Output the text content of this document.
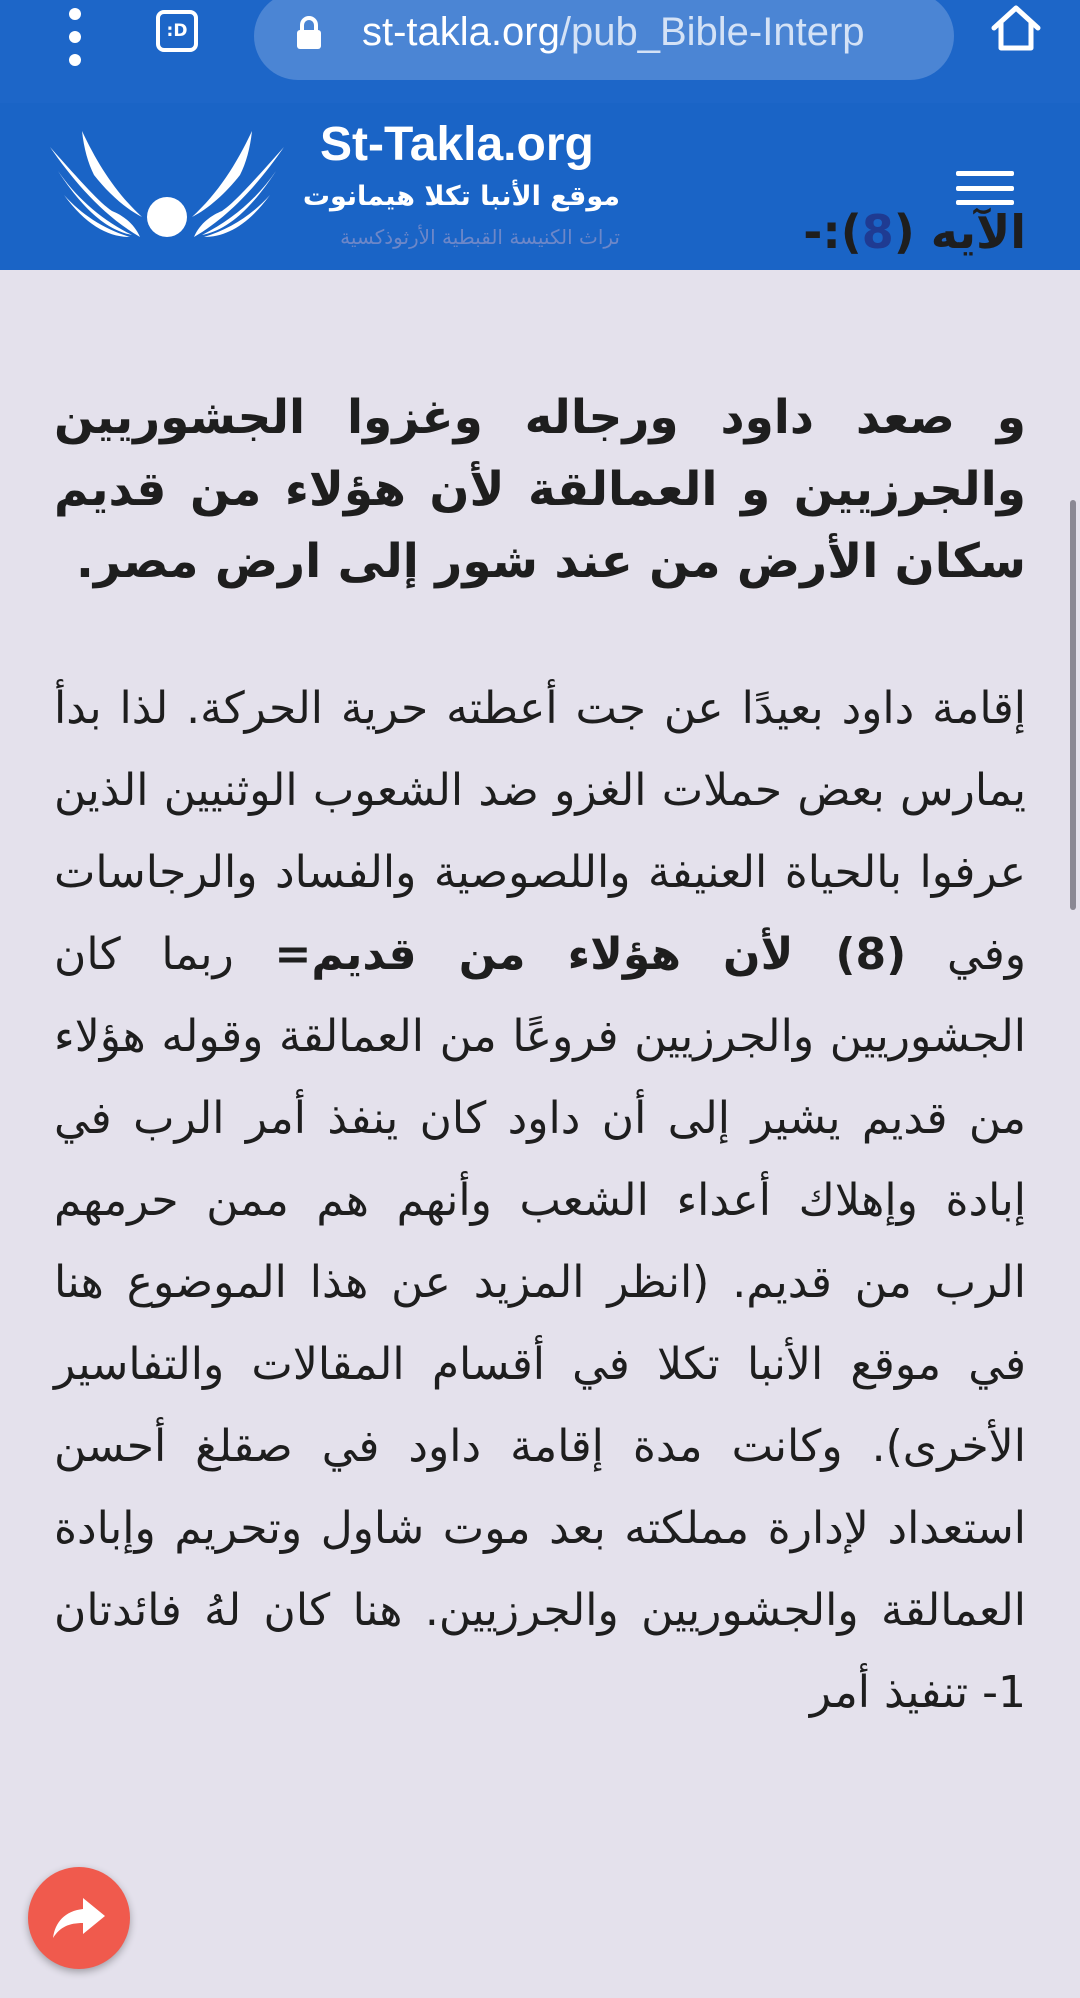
:D	st-takla.org/pub_Bible-Interp
St-Takla.org
موقع الأنبا تكلا هيمانوت
تراث الكنيسة القبطية الأرثوذكسية	الآيه (8):-
و صعد داود ورجاله وغزوا الجشوريين والجرزيين و العمالقة لأن هؤلاء من قديم سكان الأرض من عند شور إلى ارض مصر.
إقامة داود بعيدًا عن جت أعطته حرية الحركة. لذا بدأ يمارس بعض حملات الغزو ضد الشعوب الوثنيين الذين عرفوا بالحياة العنيفة واللصوصية والفساد والرجاسات وفي (8) لأن هؤلاء من قديم= ربما كان الجشوريين والجرزيين فروعًا من العمالقة وقوله هؤلاء من قديم يشير إلى أن داود كان ينفذ أمر الرب في إبادة وإهلاك أعداء الشعب وأنهم هم ممن حرمهم الرب من قديم. (انظر المزيد عن هذا الموضوع هنا في موقع الأنبا تكلا في أقسام المقالات والتفاسير الأخرى). وكانت مدة إقامة داود في صقلغ أحسن استعداد لإدارة مملكته بعد موت شاول وتحريم وإبادة العمالقة والجشوريين والجرزيين. هنا كان لهُ فائدتان 1- تنفيذ أمر
